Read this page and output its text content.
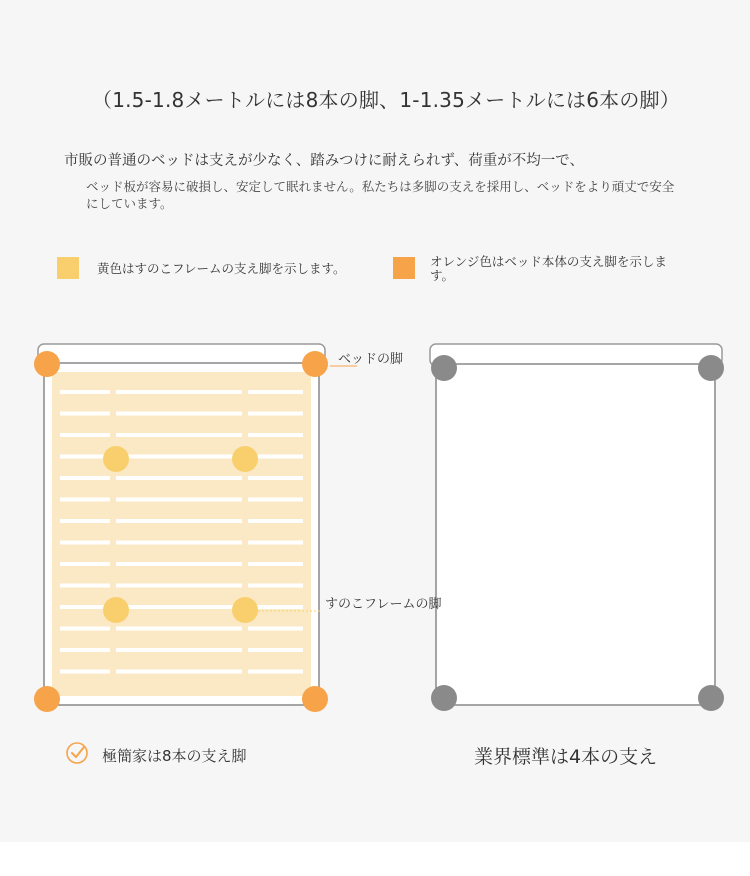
（1.5-1.8メートルには8本の脚、1-1.35メートルには6本の脚）
市販の普通のベッドは支えが少なく、踏みつけに耐えられず、荷重が不均一で、
ベッド板が容易に破損し、安定して眠れません。私たちは多脚の支えを採用し、ベッドをより頑丈で安全にしています。
黄色はすのこフレームの支え脚を示します。	オレンジ色はベッド本体の支え脚を示します。
ベッドの脚
すのこフレームの脚
極簡家は8本の支え脚	業界標準は4本の支え
